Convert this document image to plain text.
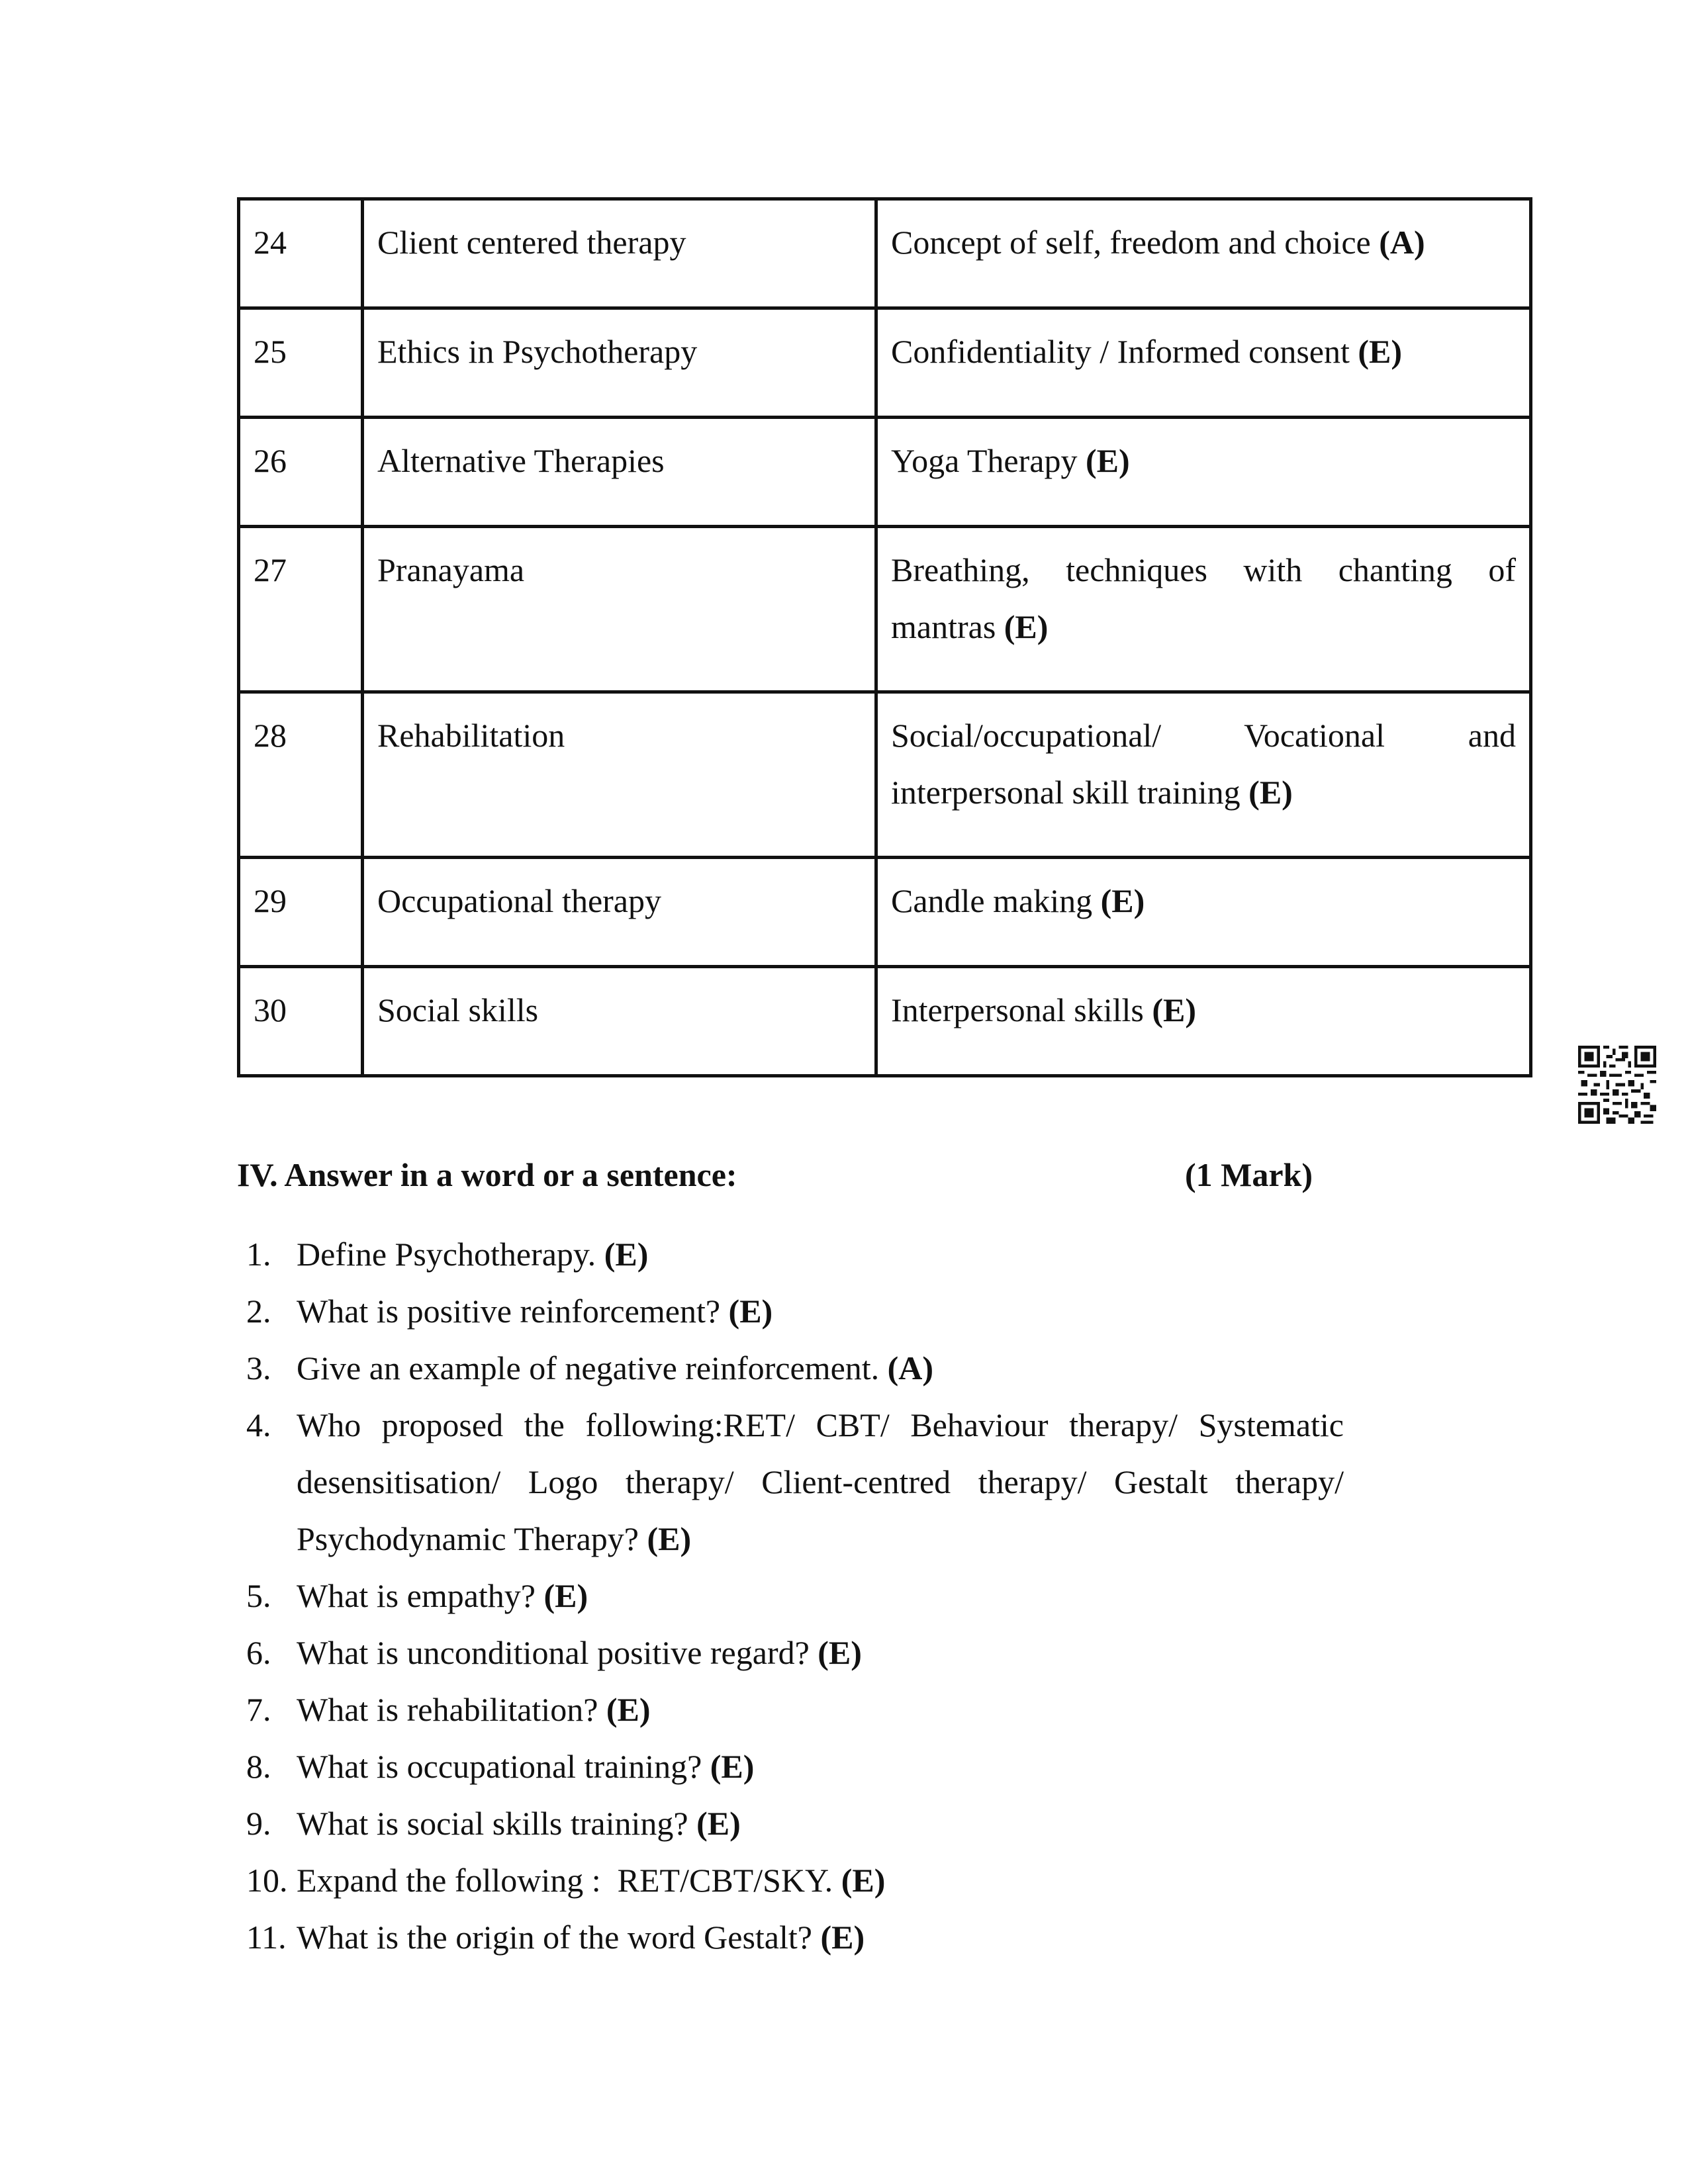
24	Client centered therapy	Concept of self, freedom and choice (A)
25	Ethics in Psychotherapy	Confidentiality / Informed consent (E)
26	Alternative Therapies	Yoga Therapy (E)
27	Pranayama	Breathing, techniques with chanting of mantras (E)
28	Rehabilitation	Social/occupational/ Vocational and interpersonal skill training (E)
29	Occupational therapy	Candle making (E)
30	Social skills	Interpersonal skills (E)
IV. Answer in a word or a sentence:	(1 Mark)
1. Define Psychotherapy. (E)
2. What is positive reinforcement? (E)
3. Give an example of negative reinforcement. (A)
4. Who proposed the following:RET/ CBT/ Behaviour therapy/ Systematic desensitisation/ Logo therapy/ Client-centred therapy/ Gestalt therapy/ Psychodynamic Therapy? (E)
5. What is empathy? (E)
6. What is unconditional positive regard? (E)
7. What is rehabilitation? (E)
8. What is occupational training? (E)
9. What is social skills training? (E)
10. Expand the following :  RET/CBT/SKY. (E)
11. What is the origin of the word Gestalt? (E)
